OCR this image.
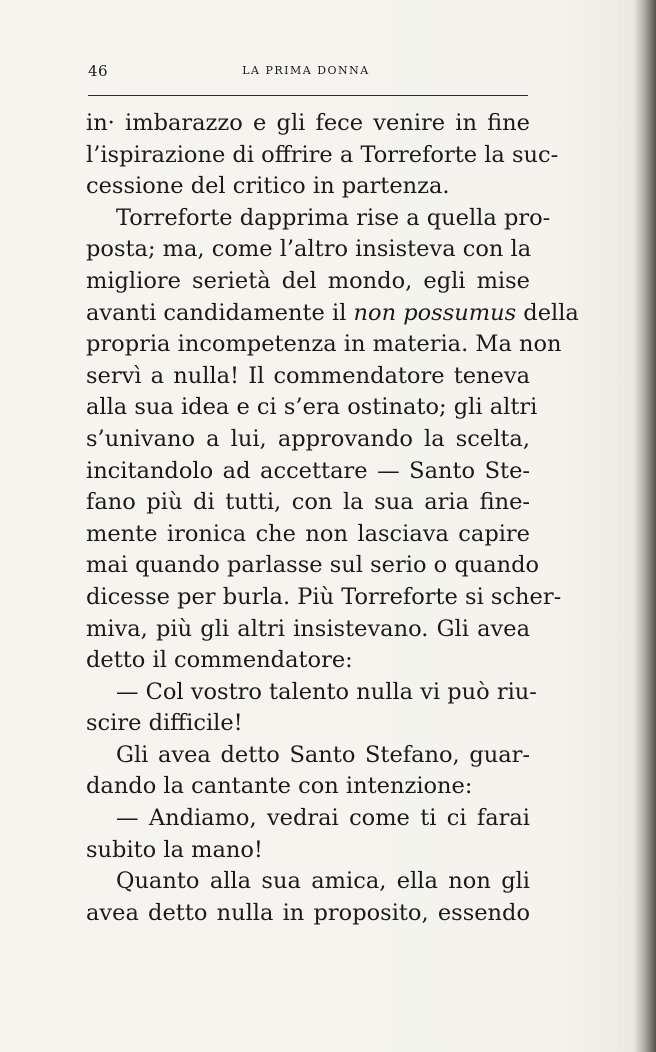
46	LA PRIMA DONNA
in· imbarazzo e gli fece venire in fine
l’ispirazione di offrire a Torreforte la suc-
cessione del critico in partenza.
Torreforte dapprima rise a quella pro-
posta; ma, come l’altro insisteva con la
migliore serietà del mondo, egli mise
avanti candidamente il non possumus della
propria incompetenza in materia. Ma non
servì a nulla! Il commendatore teneva
alla sua idea e ci s’era ostinato; gli altri
s’univano a lui, approvando la scelta,
incitandolo ad accettare — Santo Ste-
fano più di tutti, con la sua aria fine-
mente ironica che non lasciava capire
mai quando parlasse sul serio o quando
dicesse per burla. Più Torreforte si scher-
miva, più gli altri insistevano. Gli avea
detto il commendatore:
— Col vostro talento nulla vi può riu-
scire difficile!
Gli avea detto Santo Stefano, guar-
dando la cantante con intenzione:
— Andiamo, vedrai come ti ci farai
subito la mano!
Quanto alla sua amica, ella non gli
avea detto nulla in proposito, essendo
